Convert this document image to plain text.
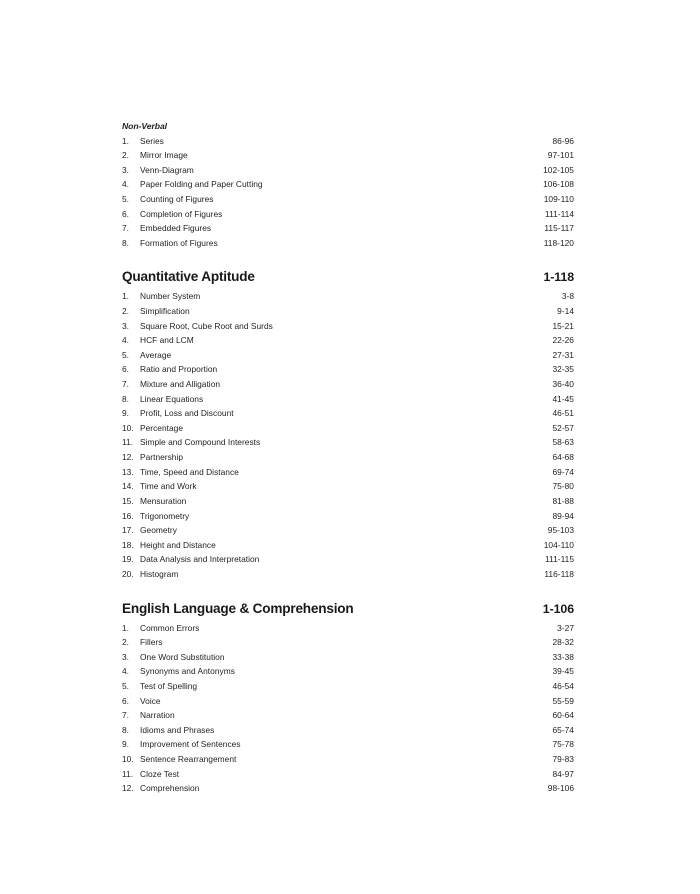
Non-Verbal
1.	Series	86-96
2.	Mirror Image	97-101
3.	Venn-Diagram	102-105
4.	Paper Folding and Paper Cutting	106-108
5.	Counting of Figures	109-110
6.	Completion of Figures	111-114
7.	Embedded Figures	115-117
8.	Formation of Figures	118-120
Quantitative Aptitude	1-118
1.	Number System	3-8
2.	Simplification	9-14
3.	Square Root, Cube Root and Surds	15-21
4.	HCF and LCM	22-26
5.	Average	27-31
6.	Ratio and Proportion	32-35
7.	Mixture and Alligation	36-40
8.	Linear Equations	41-45
9.	Profit, Loss and Discount	46-51
10. Percentage	52-57
11. Simple and Compound Interests	58-63
12. Partnership	64-68
13. Time, Speed and Distance	69-74
14. Time and Work	75-80
15. Mensuration	81-88
16. Trigonometry	89-94
17. Geometry	95-103
18. Height and Distance	104-110
19. Data Analysis and Interpretation	111-115
20. Histogram	116-118
English Language & Comprehension	1-106
1.	Common Errors	3-27
2.	Fillers	28-32
3.	One Word Substitution	33-38
4.	Synonyms and Antonyms	39-45
5.	Test of Spelling	46-54
6.	Voice	55-59
7.	Narration	60-64
8.	Idioms and Phrases	65-74
9.	Improvement of Sentences	75-78
10. Sentence Rearrangement	79-83
11. Cloze Test	84-97
12. Comprehension	98-106
